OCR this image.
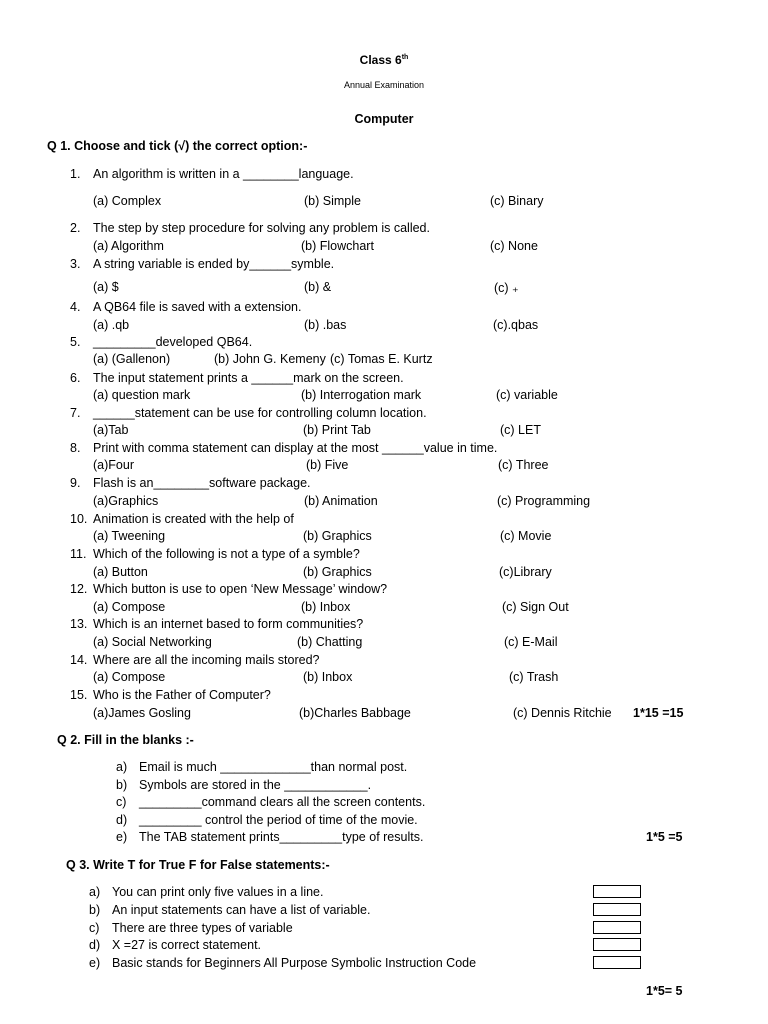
Class 6th
Annual Examination
Computer
Q 1. Choose and tick (√) the correct option:-
1. An algorithm is written in a ________language.
(a) Complex	(b) Simple	(c) Binary
2. The step by step procedure for solving any problem is called.
(a) Algorithm	(b) Flowchart	(c) None
3. A string variable is ended by______symble.
(a) $	(b) &	(c) ₊
4. A QB64 file is saved with a extension.
(a) .qb	(b) .bas	(c).qbas
5. _________developed QB64.
(a) (Gallenon)	(b) John G. Kemeny (c) Tomas E. Kurtz
6. The input statement prints a ______mark on the screen.
(a) question mark	(b) Interrogation mark	(c) variable
7. ______statement can be use for controlling column location.
(a)Tab	(b) Print Tab	(c) LET
8. Print with comma statement can display at the most ______value in time.
(a)Four	(b) Five	(c) Three
9. Flash is an________software package.
(a)Graphics	(b) Animation	(c) Programming
10. Animation is created with the help of
(a) Tweening	(b) Graphics	(c) Movie
11. Which of the following is not a type of a symble?
(a) Button	(b) Graphics	(c)Library
12. Which button is use to open ‘New Message’ window?
(a) Compose	(b) Inbox	(c) Sign Out
13. Which is an internet based to form communities?
(a) Social Networking	(b) Chatting	(c) E-Mail
14. Where are all the incoming mails stored?
(a) Compose	(b) Inbox	(c) Trash
15. Who is the Father of Computer?
(a)James Gosling	(b)Charles Babbage	(c) Dennis Ritchie 1*15 =15
Q 2. Fill in the blanks :-
a) Email is much _____________than normal post.
b) Symbols are stored in the ____________.
c) _________command clears all the screen contents.
d) _________ control the period of time of the movie.
e) The TAB statement prints_________type of results.	1*5 =5
Q 3. Write T for True F for False statements:-
a) You can print only five values in a line.
b) An input statements can have a list of variable.
c) There are three types of variable
d) X =27 is correct statement.
e) Basic stands for Beginners All Purpose Symbolic Instruction Code
1*5= 5
